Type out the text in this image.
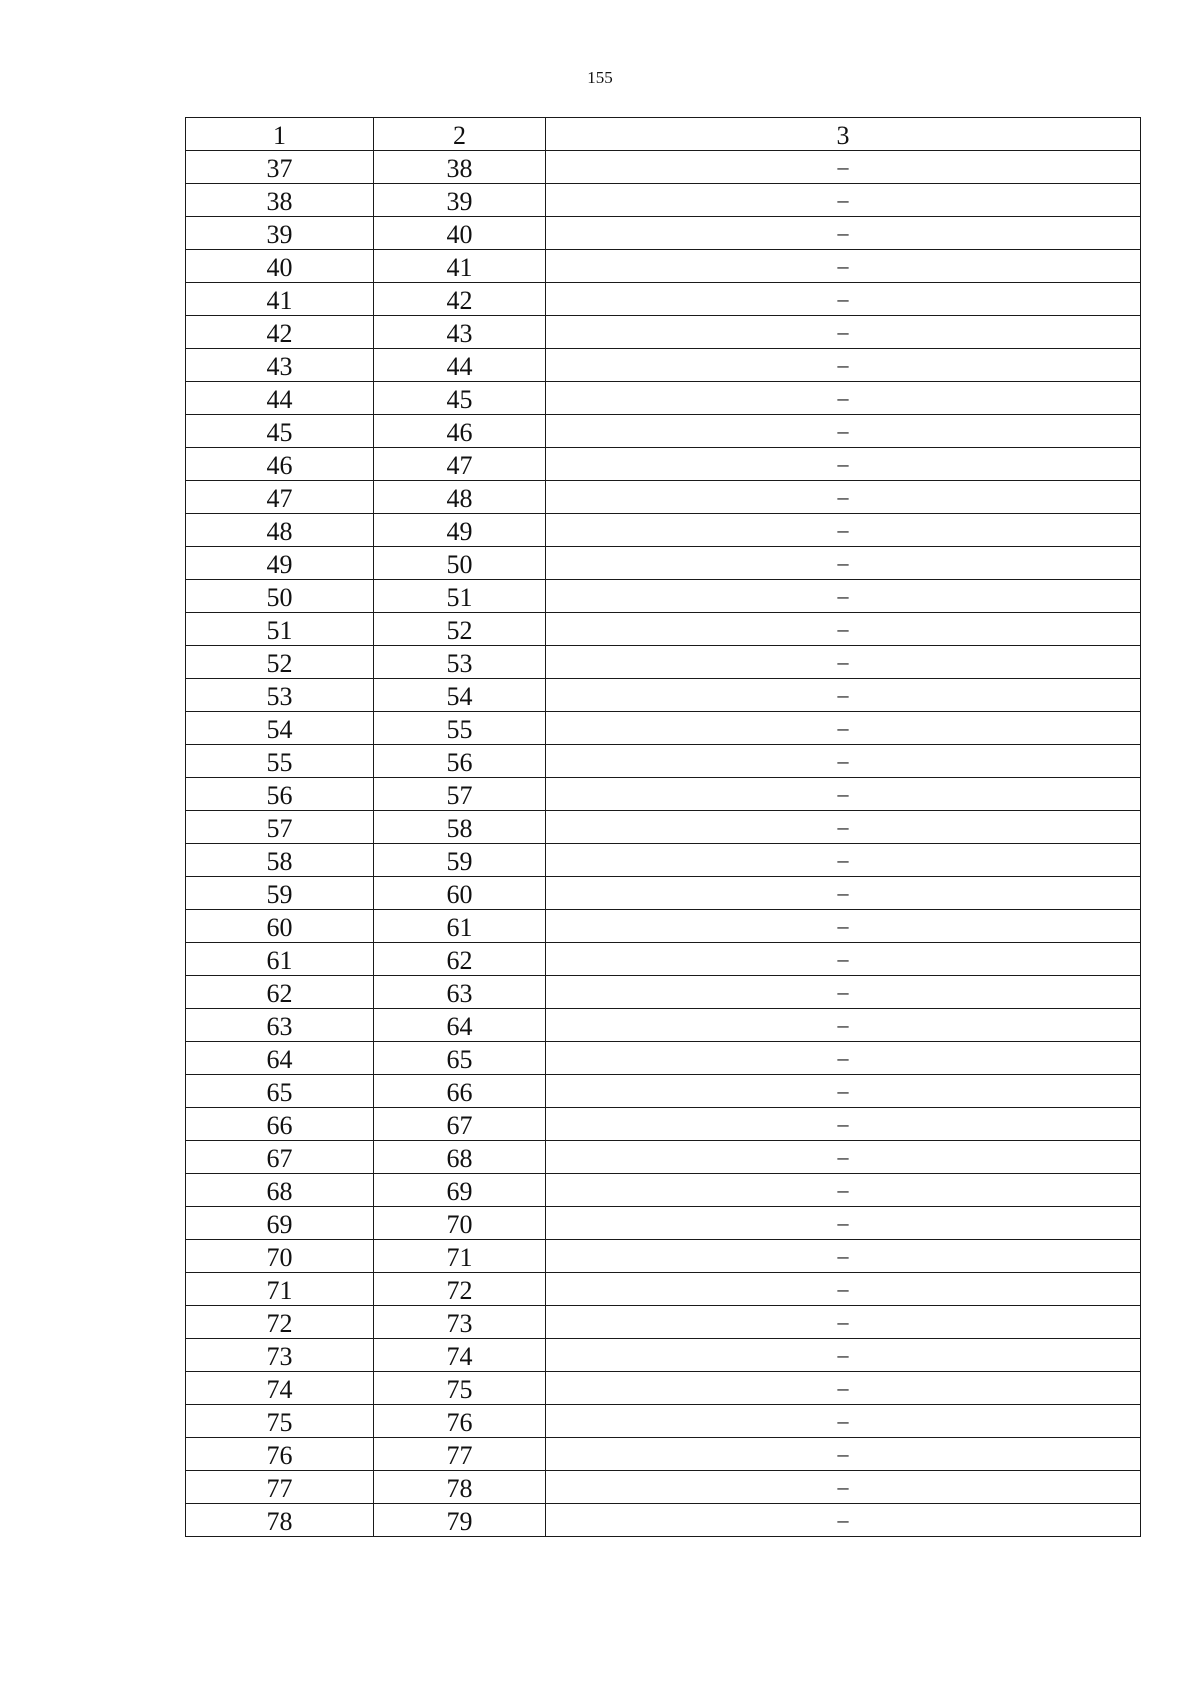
155
1	2	3
37	38	–
38	39	–
39	40	–
40	41	–
41	42	–
42	43	–
43	44	–
44	45	–
45	46	–
46	47	–
47	48	–
48	49	–
49	50	–
50	51	–
51	52	–
52	53	–
53	54	–
54	55	–
55	56	–
56	57	–
57	58	–
58	59	–
59	60	–
60	61	–
61	62	–
62	63	–
63	64	–
64	65	–
65	66	–
66	67	–
67	68	–
68	69	–
69	70	–
70	71	–
71	72	–
72	73	–
73	74	–
74	75	–
75	76	–
76	77	–
77	78	–
78	79	–
